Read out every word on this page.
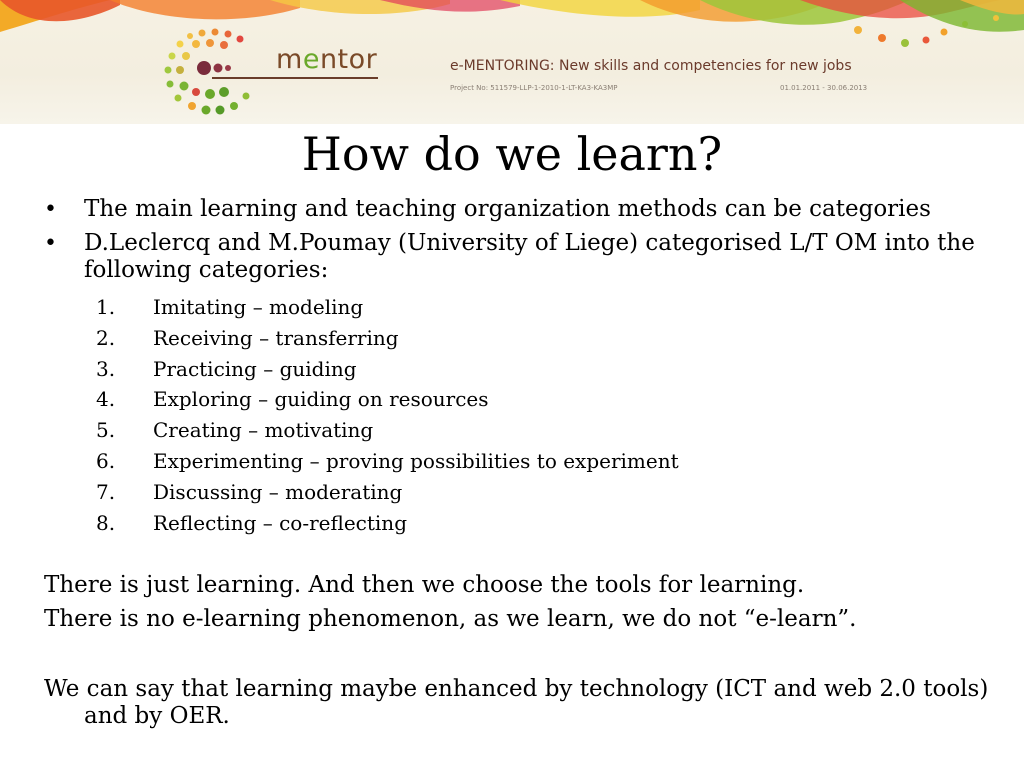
mentor	e-MENTORING: New skills and competencies for new jobs
Project No: 511579-LLP-1-2010-1-LT-KA3-KA3MP	01.01.2011 - 30.06.2013
How do we learn?
• The main learning and teaching organization methods can be categories
• D.Leclercq and M.Poumay (University of Liege) categorised L/T OM into the following categories:
1. Imitating – modeling
2. Receiving – transferring
3. Practicing – guiding
4. Exploring – guiding on resources
5. Creating – motivating
6. Experimenting – proving possibilities to experiment
7. Discussing – moderating
8. Reflecting – co-reflecting

There is just learning. And then we choose the tools for learning.

There is no e-learning phenomenon, as we learn, we do not “e-learn”.

We can say that learning maybe enhanced by technology (ICT and web 2.0 tools) and by OER.
